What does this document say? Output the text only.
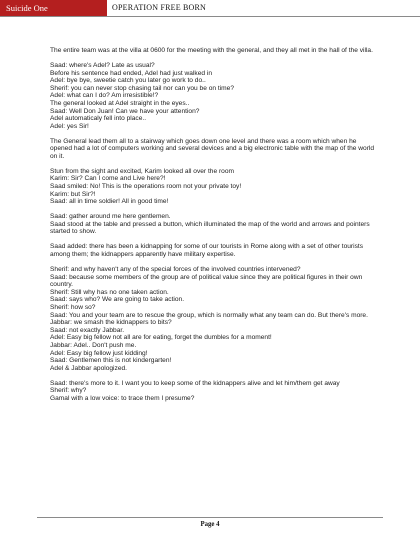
Suicide One	OPERATION FREE BORN
The entire team was at the villa at 0600 for the meeting with the general, and they all met in the hall of the villa.
Saad: where's Adel? Late as usual?
Before his sentence had ended, Adel had just walked in
Adel: bye bye, sweetie catch you later go work to do..
Sherif: you can never stop chasing tail nor can you be on time?
Adel: what can I do? Am irresistible!?
The general looked at Adel straight in the eyes..
Saad: Well Don Juan! Can we have your attention?
Adel automaticaly fell into place..
Adel: yes Sir!
The General lead them all to a stairway which goes down one level and there was a room which when he opened had a lot of computers working and several devices and a big electronic table with the map of the world on it.
Stun from the sight and excited, Karim looked all over the room
Karim: Sir? Can I come and Live here?!
Saad smiled: No! This is the operations room not your private toy!
Karim: but Sir?!
Saad: all in time soldier! All in good time!
Saad: gather around me here gentlemen.
Saad stood at the table and pressed a button, which illuminated the map of the world and arrows and pointers started to show.
Saad added: there has been a kidnapping for some of our tourists in Rome along with a set of other tourists among them; the kidnappers apparently have military expertise.
Sherif: and why haven't any of the special forces of the involved countries intervened?
Saad: because some members of the group are of political value since they are political figures in their own country.
Sherif: Still why has no one taken action.
Saad: says who? We are going to take action.
Sherif: how so?
Saad: You and your team are to rescue the group, which is normally what any team can do. But there's more.
Jabbar: we smash the kidnappers to bits?
Saad: not exactly Jabbar.
Adel: Easy big fellow not all are for eating, forget the dumbles for a moment!
Jabbar: Adel.. Don't push me.
Adel: Easy big fellow just kidding!
Saad: Gentlemen this is not kindergarten!
Adel & Jabbar apologized.
Saad: there's more to it. I want you to keep some of the kidnappers alive and let him/them get away
Sherif: why?
Gamal with a low voice: to trace them I presume?
Page 4
